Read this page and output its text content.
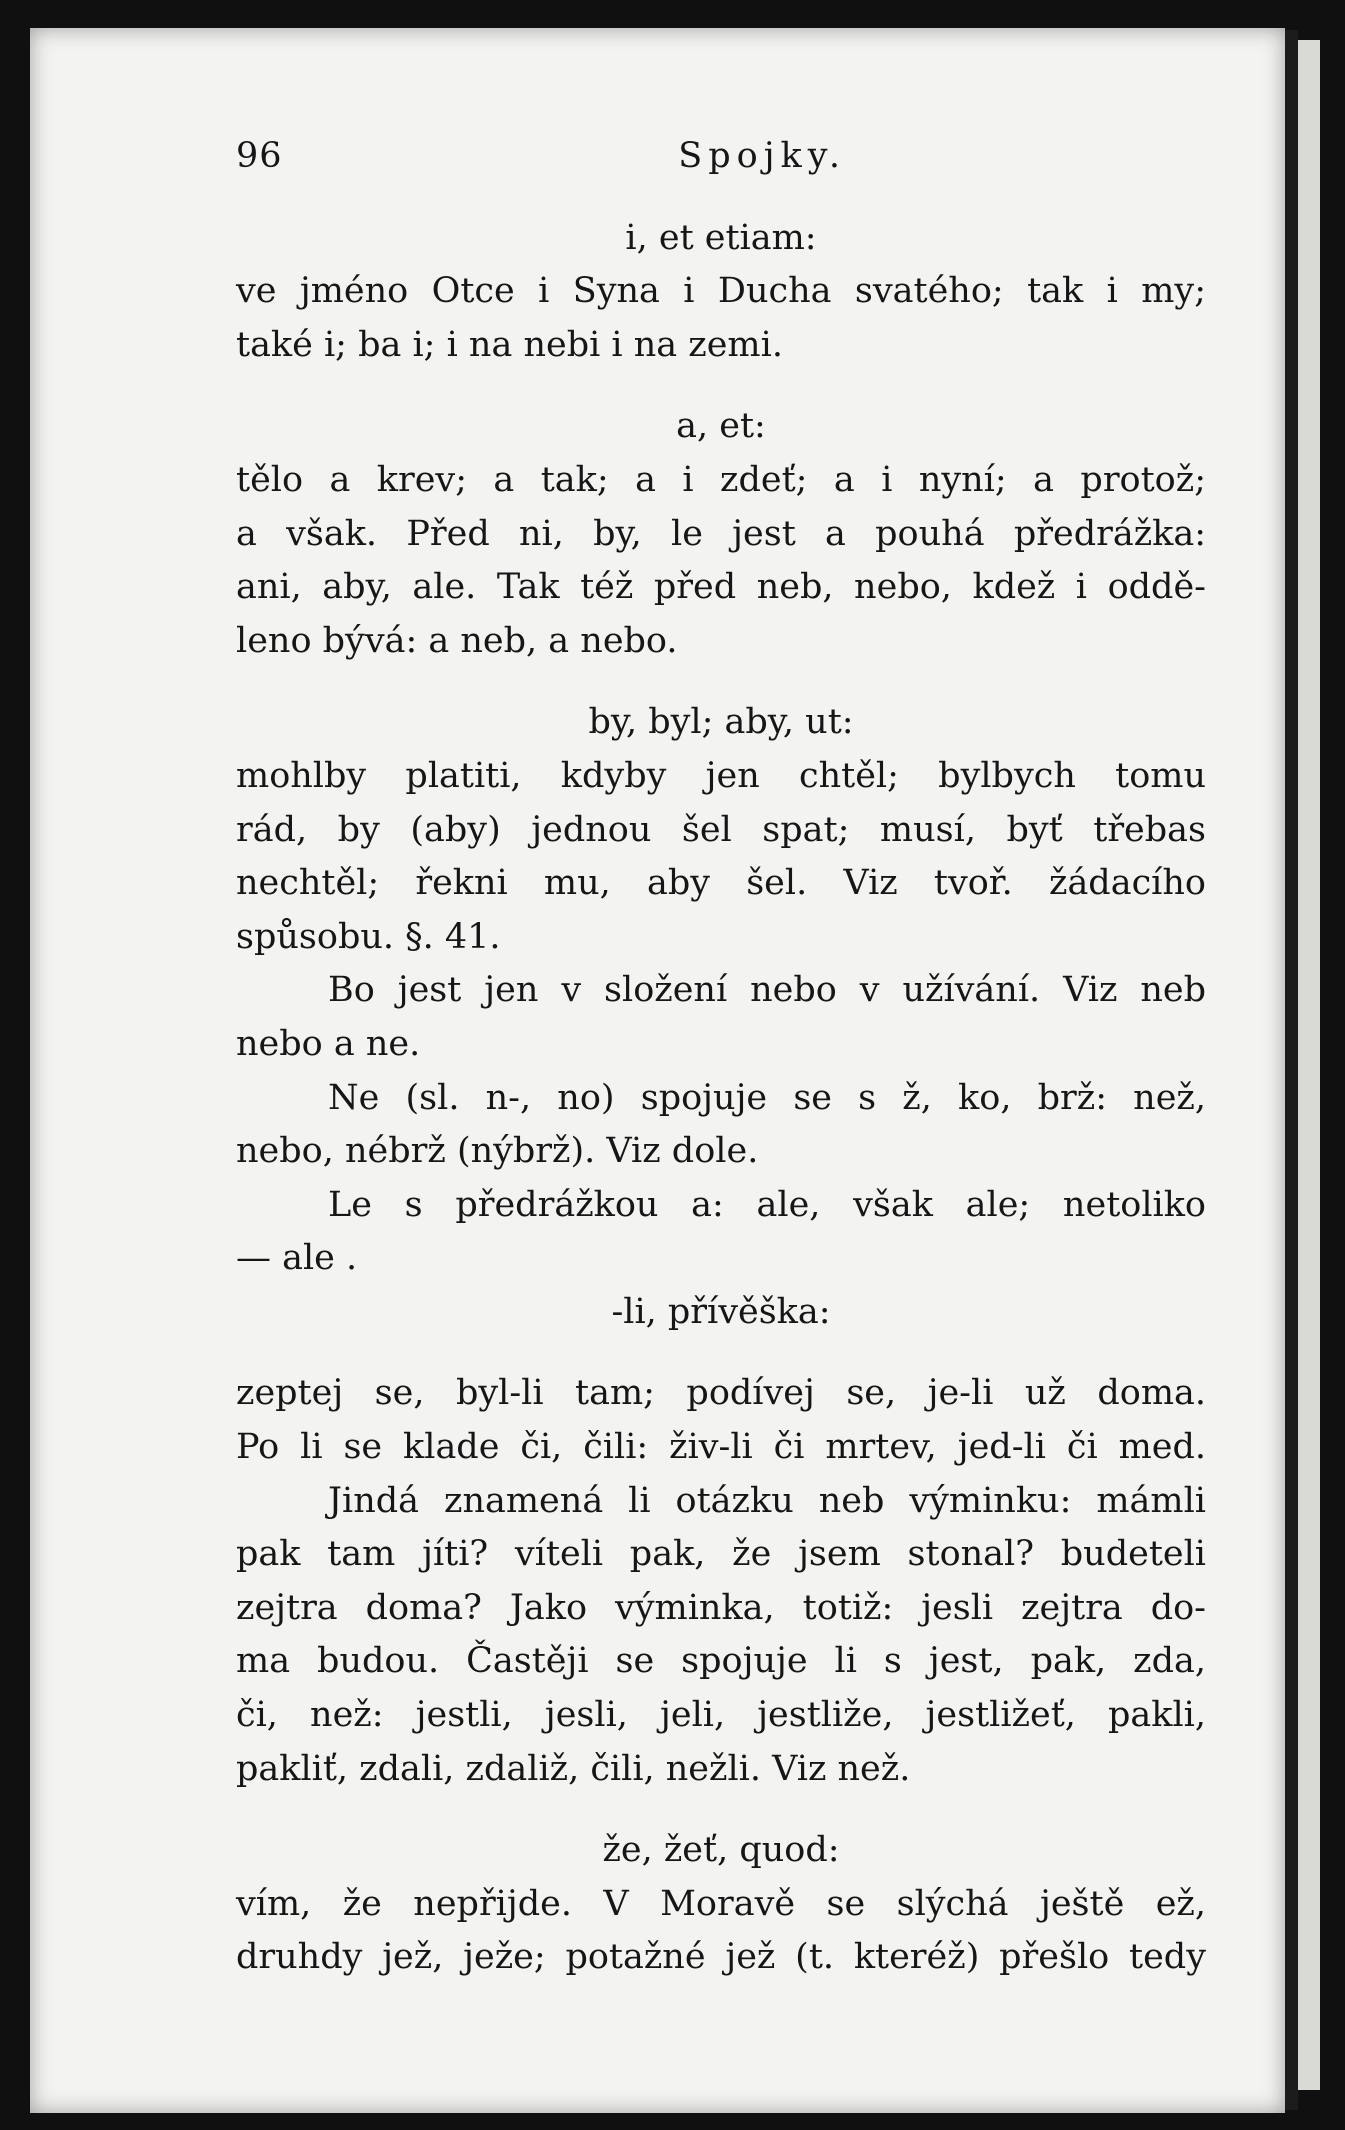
96	Spojky.
i, et etiam:
ve jméno Otce i Syna i Ducha svatého; tak i my;
také i; ba i; i na nebi i na zemi.
a, et:
tělo a krev; a tak; a i zdeť; a i nyní; a protož;
a však. Před ni, by, le jest a pouhá předrážka:
ani, aby, ale. Tak též před neb, nebo, kdež i oddě-
leno bývá: a neb, a nebo.
by, byl; aby, ut:
mohlby platiti, kdyby jen chtěl; bylbych tomu
rád, by (aby) jednou šel spat; musí, byť třebas
nechtěl; řekni mu, aby šel. Viz tvoř. žádacího
spůsobu. §. 41.
Bo jest jen v složení nebo v užívání. Viz neb
nebo a ne.
Ne (sl. n-, no) spojuje se s ž, ko, brž: než,
nebo, nébrž (nýbrž). Viz dole.
Le s předrážkou a: ale, však ale; netoliko
— ale .
-li, přívěška:
zeptej se, byl-li tam; podívej se, je-li už doma.
Po li se klade či, čili: živ-li či mrtev, jed-li či med.
Jindá znamená li otázku neb výminku: mámli
pak tam jíti? víteli pak, že jsem stonal? budeteli
zejtra doma? Jako výminka, totiž: jesli zejtra do-
ma budou. Častěji se spojuje li s jest, pak, zda,
či, než: jestli, jesli, jeli, jestliže, jestližeť, pakli,
pakliť, zdali, zdaliž, čili, nežli. Viz než.
že, žeť, quod:
vím, že nepřijde. V Moravě se slýchá ještě ež,
druhdy jež, ježe; potažné jež (t. kteréž) přešlo tedy
